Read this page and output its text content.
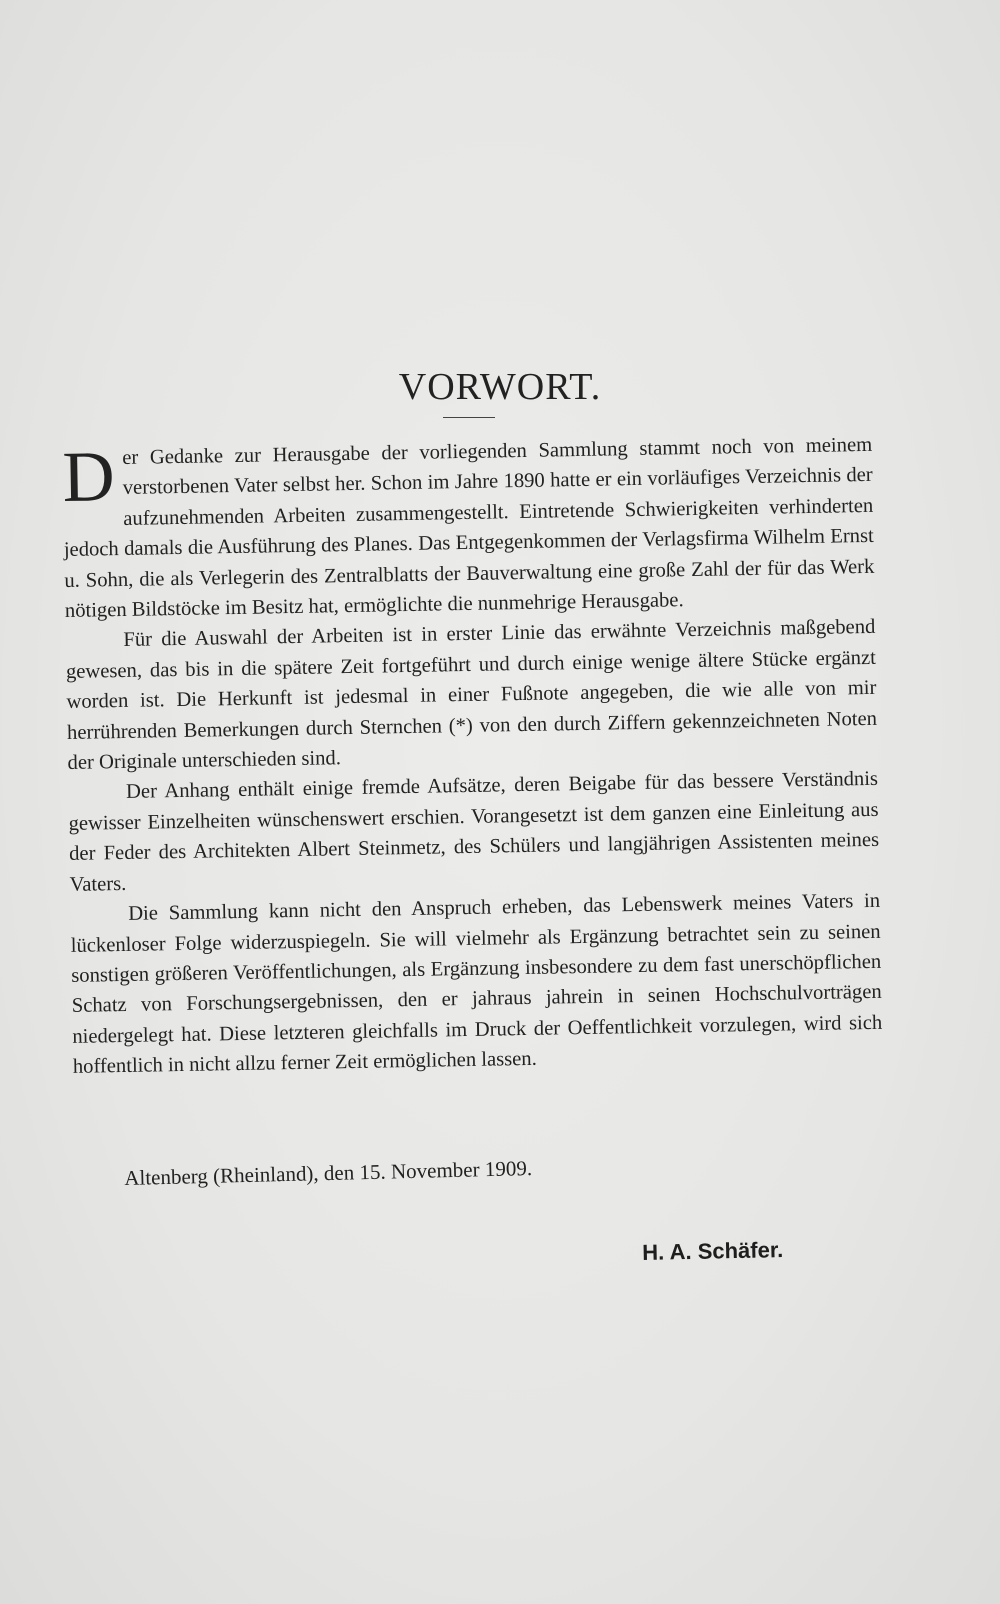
VORWORT.

Der Gedanke zur Herausgabe der vorliegenden Sammlung stammt noch von meinem verstorbenen Vater selbst her. Schon im Jahre 1890 hatte er ein vorläufiges Verzeichnis der aufzunehmenden Arbeiten zusammengestellt. Eintretende Schwierigkeiten verhinderten jedoch damals die Ausführung des Planes. Das Entgegenkommen der Verlagsfirma Wilhelm Ernst u. Sohn, die als Verlegerin des Zentralblatts der Bauverwaltung eine große Zahl der für das Werk nötigen Bildstöcke im Besitz hat, ermöglichte die nunmehrige Herausgabe.

Für die Auswahl der Arbeiten ist in erster Linie das erwähnte Verzeichnis maßgebend gewesen, das bis in die spätere Zeit fortgeführt und durch einige wenige ältere Stücke ergänzt worden ist. Die Herkunft ist jedesmal in einer Fußnote angegeben, die wie alle von mir herrührenden Bemerkungen durch Sternchen (*) von den durch Ziffern gekennzeichneten Noten der Originale unterschieden sind.

Der Anhang enthält einige fremde Aufsätze, deren Beigabe für das bessere Verständnis gewisser Einzelheiten wünschenswert erschien. Vorangesetzt ist dem ganzen eine Einleitung aus der Feder des Architekten Albert Steinmetz, des Schülers und langjährigen Assistenten meines Vaters.

Die Sammlung kann nicht den Anspruch erheben, das Lebenswerk meines Vaters in lückenloser Folge widerzuspiegeln. Sie will vielmehr als Ergänzung betrachtet sein zu seinen sonstigen größeren Veröffentlichungen, als Ergänzung insbesondere zu dem fast unerschöpflichen Schatz von Forschungsergebnissen, den er jahraus jahrein in seinen Hochschulvorträgen niedergelegt hat. Diese letzteren gleichfalls im Druck der Oeffentlichkeit vorzulegen, wird sich hoffentlich in nicht allzu ferner Zeit ermöglichen lassen.

Altenberg (Rheinland), den 15. November 1909.
H. A. Schäfer.
